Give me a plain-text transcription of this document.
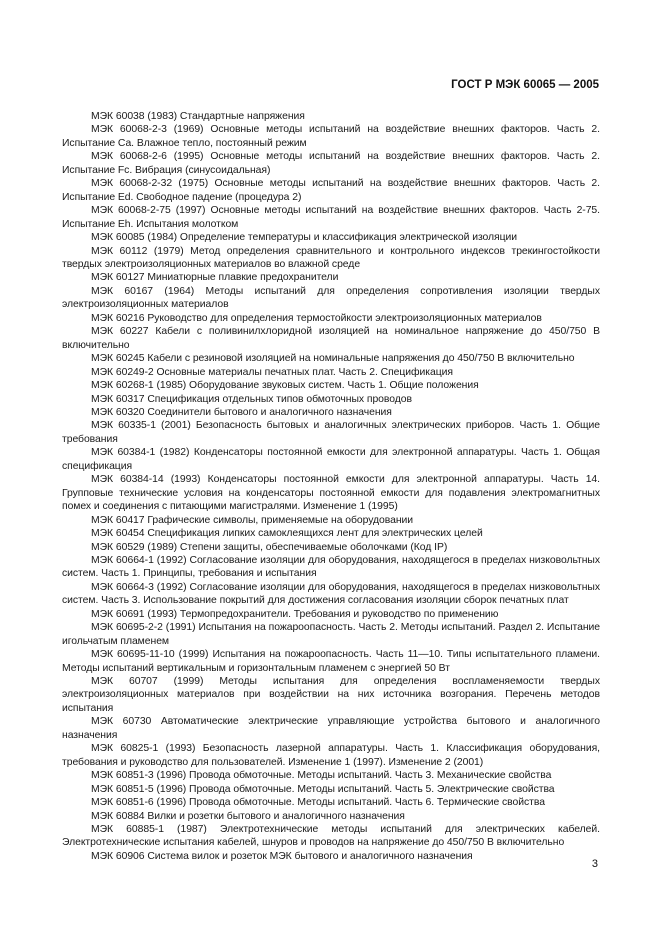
ГОСТ Р МЭК 60065 — 2005

МЭК 60038 (1983) Стандартные напряжения

МЭК 60068-2-3 (1969) Основные методы испытаний на воздействие внешних факторов. Часть 2. Испытание Са. Влажное тепло, постоянный режим

МЭК 60068-2-6 (1995) Основные методы испытаний на воздействие внешних факторов. Часть 2. Испытание Fc. Вибрация (синусоидальная)

МЭК 60068-2-32 (1975) Основные методы испытаний на воздействие внешних факторов. Часть 2. Испытание Ed. Свободное падение (процедура 2)

МЭК 60068-2-75 (1997) Основные методы испытаний на воздействие внешних факторов. Часть 2-75. Испытание Eh. Испытания молотком

МЭК 60085 (1984) Определение температуры и классификация электрической изоляции

МЭК 60112 (1979) Метод определения сравнительного и контрольного индексов трекингостойкости твердых электроизоляционных материалов во влажной среде

МЭК 60127 Миниатюрные плавкие предохранители

МЭК 60167 (1964) Методы испытаний для определения сопротивления изоляции твердых электроизоляционных материалов

МЭК 60216 Руководство для определения термостойкости электроизоляционных материалов

МЭК 60227 Кабели с поливинилхлоридной изоляцией на номинальное напряжение до 450/750 В включительно

МЭК 60245 Кабели с резиновой изоляцией на номинальные напряжения до 450/750 В включительно

МЭК 60249-2 Основные материалы печатных плат. Часть 2. Спецификация

МЭК 60268-1 (1985) Оборудование звуковых систем. Часть 1. Общие положения

МЭК 60317 Спецификация отдельных типов обмоточных проводов

МЭК 60320 Соединители бытового и аналогичного назначения

МЭК 60335-1 (2001) Безопасность бытовых и аналогичных электрических приборов. Часть 1. Общие требования

МЭК 60384-1 (1982) Конденсаторы постоянной емкости для электронной аппаратуры. Часть 1. Общая спецификация

МЭК 60384-14 (1993) Конденсаторы постоянной емкости для электронной аппаратуры. Часть 14. Групповые технические условия на конденсаторы постоянной емкости для подавления электромагнитных помех и соединения с питающими магистралями. Изменение 1 (1995)

МЭК 60417 Графические символы, применяемые на оборудовании

МЭК 60454 Спецификация липких самоклеящихся лент для электрических целей

МЭК 60529 (1989) Степени защиты, обеспечиваемые оболочками (Код IP)

МЭК 60664-1 (1992) Согласование изоляции для оборудования, находящегося в пределах низковольтных систем. Часть 1. Принципы, требования и испытания

МЭК 60664-3 (1992) Согласование изоляции для оборудования, находящегося в пределах низковольтных систем. Часть 3. Использование покрытий для достижения согласования изоляции сборок печатных плат

МЭК 60691 (1993) Термопредохранители. Требования и руководство по применению

МЭК 60695-2-2 (1991) Испытания на пожароопасность. Часть 2. Методы испытаний. Раздел 2. Испытание игольчатым пламенем

МЭК 60695-11-10 (1999) Испытания на пожароопасность. Часть 11—10. Типы испытательного пламени. Методы испытаний вертикальным и горизонтальным пламенем с энергией 50 Вт

МЭК 60707 (1999) Методы испытания для определения воспламеняемости твердых электроизоляционных материалов при воздействии на них источника возгорания. Перечень методов испытания

МЭК 60730 Автоматические электрические управляющие устройства бытового и аналогичного назначения

МЭК 60825-1 (1993) Безопасность лазерной аппаратуры. Часть 1. Классификация оборудования, требования и руководство для пользователей. Изменение 1 (1997). Изменение 2 (2001)

МЭК 60851-3 (1996) Провода обмоточные. Методы испытаний. Часть 3. Механические свойства

МЭК 60851-5 (1996) Провода обмоточные. Методы испытаний. Часть 5. Электрические свойства

МЭК 60851-6 (1996) Провода обмоточные. Методы испытаний. Часть 6. Термические свойства

МЭК 60884 Вилки и розетки бытового и аналогичного назначения

МЭК 60885-1 (1987) Электротехнические методы испытаний для электрических кабелей. Электротехнические испытания кабелей, шнуров и проводов на напряжение до 450/750 В включительно

МЭК 60906 Система вилок и розеток МЭК бытового и аналогичного назначения

3
